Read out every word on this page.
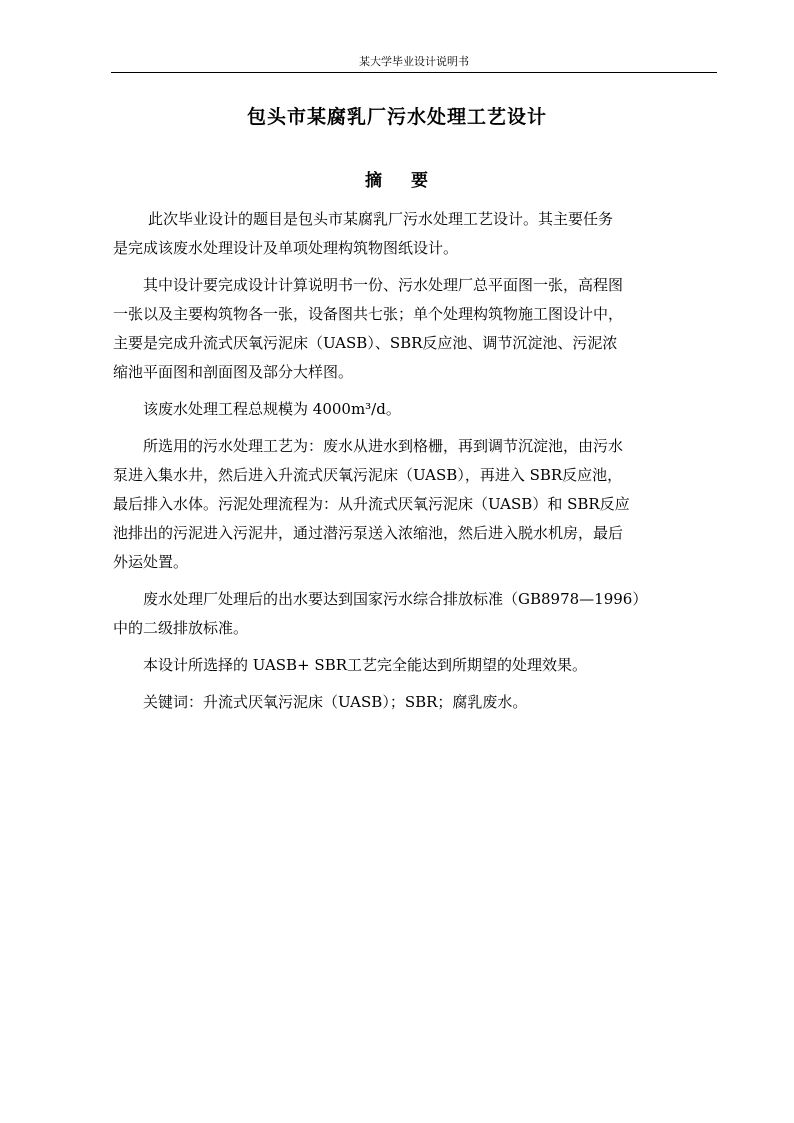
某大学毕业设计说明书
包头市某腐乳厂污水处理工艺设计
摘 要
此次毕业设计的题目是包头市某腐乳厂污水处理工艺设计。其主要任务
是完成该废水处理设计及单项处理构筑物图纸设计。
其中设计要完成设计计算说明书一份、污水处理厂总平面图一张，高程图
一张以及主要构筑物各一张，设备图共七张；单个处理构筑物施工图设计中，
主要是完成升流式厌氧污泥床（UASB）、SBR反应池、调节沉淀池、污泥浓
缩池平面图和剖面图及部分大样图。
该废水处理工程总规模为 4000m³/d。
所选用的污水处理工艺为：废水从进水到格栅，再到调节沉淀池，由污水
泵进入集水井，然后进入升流式厌氧污泥床（UASB），再进入 SBR反应池，
最后排入水体。污泥处理流程为：从升流式厌氧污泥床（UASB）和 SBR反应
池排出的污泥进入污泥井，通过潜污泵送入浓缩池，然后进入脱水机房，最后
外运处置。
废水处理厂处理后的出水要达到国家污水综合排放标准（GB8978—1996）
中的二级排放标准。
本设计所选择的 UASB+ SBR工艺完全能达到所期望的处理效果。
关键词：升流式厌氧污泥床（UASB）；SBR；腐乳废水。
